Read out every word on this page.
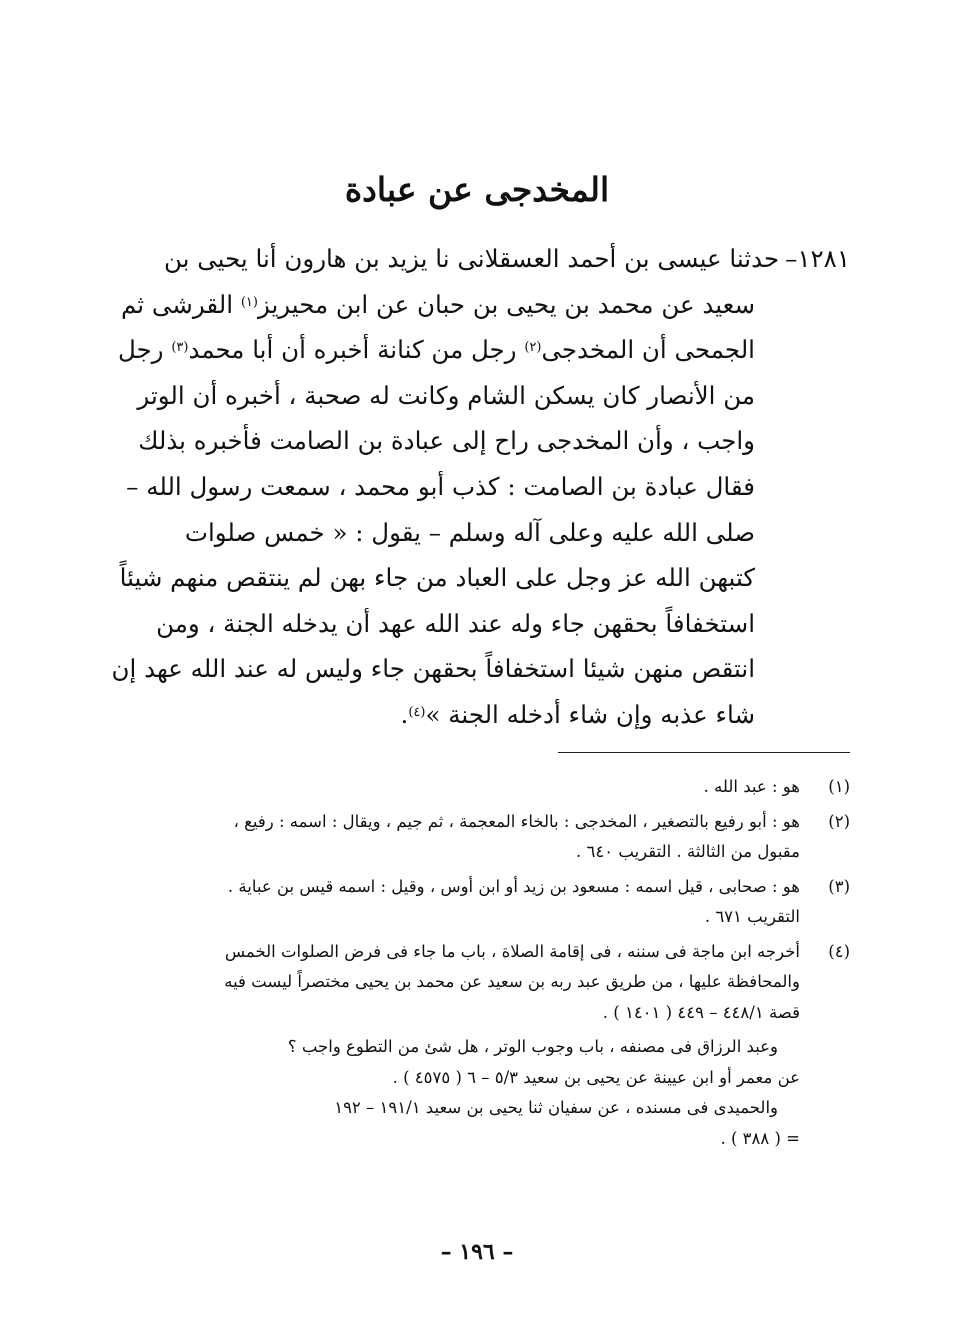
المخدجى عن عبادة
١٢٨١–حدثنا عيسى بن أحمد العسقلانى نا يزيد بن هارون أنا يحيى بن
سعيد عن محمد بن يحيى بن حبان عن ابن محيريز$^{(١)}$ القرشى ثم
الجمحى أن المخدجى$^{(٢)}$ رجل من كنانة أخبره أن أبا محمد$^{(٣)}$ رجل
من الأنصار كان يسكن الشام وكانت له صحبة ، أخبره أن الوتر
واجب ، وأن المخدجى راح إلى عبادة بن الصامت فأخبره بذلك
فقال عبادة بن الصامت : كذب أبو محمد ، سمعت رسول الله –
صلى الله عليه وعلى آله وسلم – يقول : « خمس صلوات
كتبهن الله عز وجل على العباد من جاء بهن لم ينتقص منهم شيئاً
استخفافاً بحقهن جاء وله عند الله عهد أن يدخله الجنة ، ومن
انتقص منهن شيئا استخفافاً بحقهن جاء وليس له عند الله عهد إن
شاء عذبه وإن شاء أدخله الجنة »$^{(٤)}$.
(١)
هو : عبد الله .
(٢)
هو : أبو رفيع بالتصغير ، المخدجى : بالخاء المعجمة ، ثم جيم ، ويقال : اسمه : رفيع ،
مقبول من الثالثة . التقريب ٦٤٠ .
(٣)
هو : صحابى ، قيل اسمه : مسعود بن زيد أو ابن أوس ، وقيل : اسمه قيس بن عباية .
التقريب ٦٧١ .
(٤)
أخرجه ابن ماجة فى سننه ، فى إقامة الصلاة ، باب ما جاء فى فرض الصلوات الخمس
والمحافظة عليها ، من طريق عبد ربه بن سعيد عن محمد بن يحيى مختصراً ليست فيه
قصة ٤٤٨/١ – ٤٤٩ ( ١٤٠١ ) .
وعبد الرزاق فى مصنفه ، باب وجوب الوتر ، هل شئ من التطوع واجب ؟
عن معمر أو ابن عيينة عن يحيى بن سعيد ٥/٣ – ٦ ( ٤٥٧٥ ) .
والحميدى فى مسنده ، عن سفيان ثنا يحيى بن سعيد ١٩١/١ – ١٩٢
= ( ٣٨٨ ) .
– ١٩٦ –
